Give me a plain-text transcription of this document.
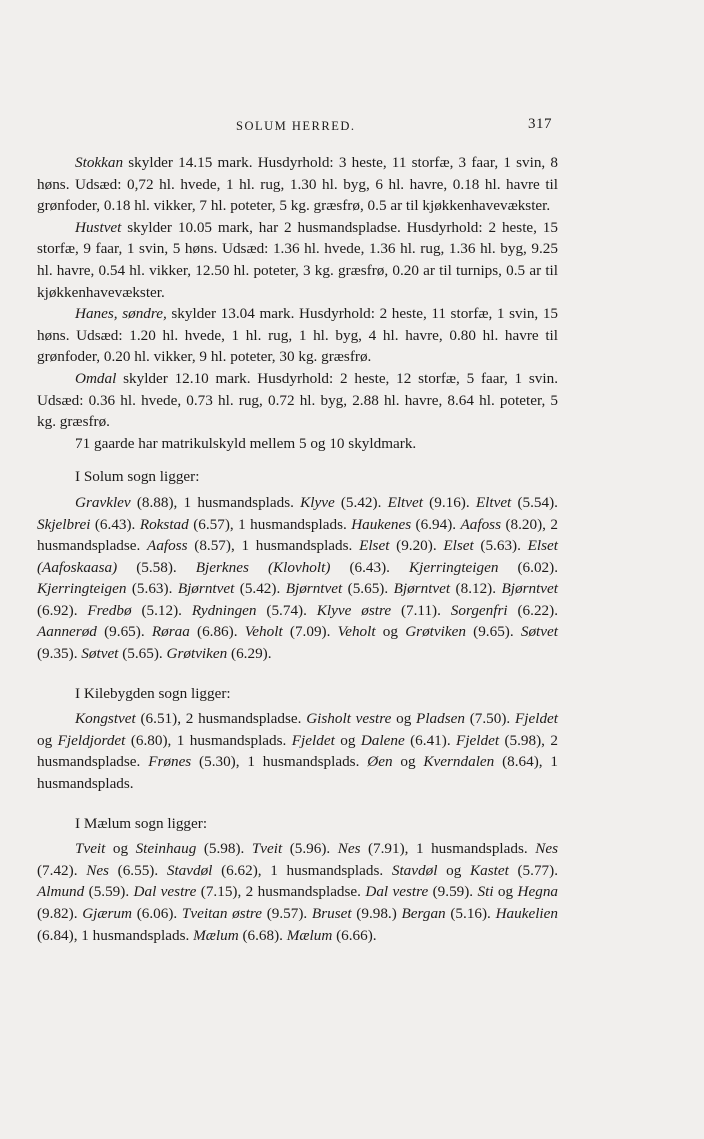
SOLUM HERRED.	317

Stokkan skylder 14.15 mark. Husdyrhold: 3 heste, 11 storfæ, 3 faar, 1 svin, 8 høns. Udsæd: 0,72 hl. hvede, 1 hl. rug, 1.30 hl. byg, 6 hl. havre, 0.18 hl. havre til grønfoder, 0.18 hl. vikker, 7 hl. poteter, 5 kg. græsfrø, 0.5 ar til kjøkkenhavevækster.

Hustvet skylder 10.05 mark, har 2 husmandspladse. Husdyrhold: 2 heste, 15 storfæ, 9 faar, 1 svin, 5 høns. Udsæd: 1.36 hl. hvede, 1.36 hl. rug, 1.36 hl. byg, 9.25 hl. havre, 0.54 hl. vikker, 12.50 hl. poteter, 3 kg. græsfrø, 0.20 ar til turnips, 0.5 ar til kjøkkenhavevækster.

Hanes, søndre, skylder 13.04 mark. Husdyrhold: 2 heste, 11 storfæ, 1 svin, 15 høns. Udsæd: 1.20 hl. hvede, 1 hl. rug, 1 hl. byg, 4 hl. havre, 0.80 hl. havre til grønfoder, 0.20 hl. vikker, 9 hl. poteter, 30 kg. græsfrø.

Omdal skylder 12.10 mark. Husdyrhold: 2 heste, 12 storfæ, 5 faar, 1 svin. Udsæd: 0.36 hl. hvede, 0.73 hl. rug, 0.72 hl. byg, 2.88 hl. havre, 8.64 hl. poteter, 5 kg. græsfrø.

71 gaarde har matrikulskyld mellem 5 og 10 skyldmark.

I Solum sogn ligger:

Gravklev (8.88), 1 husmandsplads. Klyve (5.42). Eltvet (9.16). Eltvet (5.54). Skjelbrei (6.43). Rokstad (6.57), 1 husmandsplads. Haukenes (6.94). Aafoss (8.20), 2 husmandspladse. Aafoss (8.57), 1 husmandsplads. Elset (9.20). Elset (5.63). Elset (Aafoskaasa) (5.58). Bjerknes (Klovholt) (6.43). Kjerringteigen (6.02). Kjerringteigen (5.63). Bjørntvet (5.42). Bjørntvet (5.65). Bjørntvet (8.12). Bjørntvet (6.92). Fredbø (5.12). Rydningen (5.74). Klyve østre (7.11). Sorgenfri (6.22). Aannerød (9.65). Røraa (6.86). Veholt (7.09). Veholt og Grøtviken (9.65). Søtvet (9.35). Søtvet (5.65). Grøtviken (6.29).

I Kilebygden sogn ligger:

Kongstvet (6.51), 2 husmandspladse. Gisholt vestre og Pladsen (7.50). Fjeldet og Fjeldjordet (6.80), 1 husmandsplads. Fjeldet og Dalene (6.41). Fjeldet (5.98), 2 husmandspladse. Frønes (5.30), 1 husmandsplads. Øen og Kverndalen (8.64), 1 husmandsplads.

I Mælum sogn ligger:

Tveit og Steinhaug (5.98). Tveit (5.96). Nes (7.91), 1 husmandsplads. Nes (7.42). Nes (6.55). Stavdøl (6.62), 1 husmandsplads. Stavdøl og Kastet (5.77). Almund (5.59). Dal vestre (7.15), 2 husmandspladse. Dal vestre (9.59). Sti og Hegna (9.82). Gjærum (6.06). Tveitan østre (9.57). Bruset (9.98.) Bergan (5.16). Haukelien (6.84), 1 husmandsplads. Mælum (6.68). Mælum (6.66).
